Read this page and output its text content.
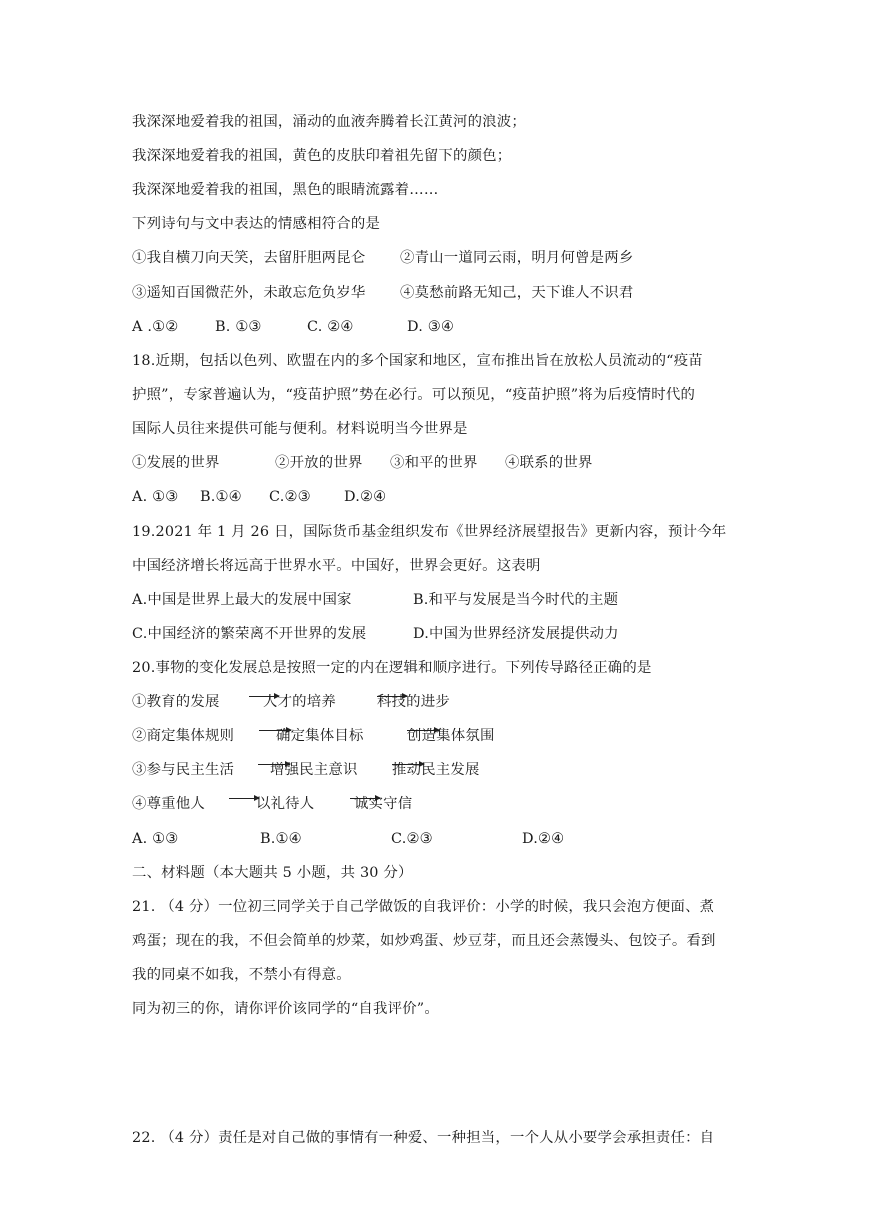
我深深地爱着我的祖国，涌动的血液奔腾着长江黄河的浪波；
我深深地爱着我的祖国，黄色的皮肤印着祖先留下的颜色；
我深深地爱着我的祖国，黑色的眼睛流露着……
下列诗句与文中表达的情感相符合的是
①我自横刀向天笑，去留肝胆两昆仑 ②青山一道同云雨，明月何曾是两乡
③遥知百国微茫外，未敢忘危负岁华 ④莫愁前路无知己，天下谁人不识君
A .①②	B. ①③	C. ②④	D. ③④
18.近期，包括以色列、欧盟在内的多个国家和地区，宣布推出旨在放松人员流动的“疫苗
护照”，专家普遍认为，“疫苗护照”势在必行。可以预见，“疫苗护照”将为后疫情时代的
国际人员往来提供可能与便利。材料说明当今世界是
①发展的世界	②开放的世界 ③和平的世界 ④联系的世界
A. ①③ B.①④ C.②③ D.②④
19.2021 年 1 月 26 日，国际货币基金组织发布《世界经济展望报告》更新内容，预计今年
中国经济增长将远高于世界水平。中国好，世界会更好。这表明
A.中国是世界上最大的发展中国家	B.和平与发展是当今时代的主题
C.中国经济的繁荣离不开世界的发展	D.中国为世界经济发展提供动力
20.事物的变化发展总是按照一定的内在逻辑和顺序进行。下列传导路径正确的是
①教育的发展	人才的培养	科技的进步
②商定集体规则	确定集体目标	创造集体氛围
③参与民主生活 增强民主意识 推动民主发展
④尊重他人	以礼待人	诚实守信
A. ①③	B.①④	C.②③	D.②④
二、材料题（本大题共 5 小题，共 30 分）
21. （4 分）一位初三同学关于自己学做饭的自我评价：小学的时候，我只会泡方便面、煮
鸡蛋；现在的我，不但会简单的炒菜，如炒鸡蛋、炒豆芽，而且还会蒸馒头、包饺子。看到
我的同桌不如我，不禁小有得意。
同为初三的你，请你评价该同学的“自我评价”。
22. （4 分）责任是对自己做的事情有一种爱、一种担当，一个人从小要学会承担责任：自
